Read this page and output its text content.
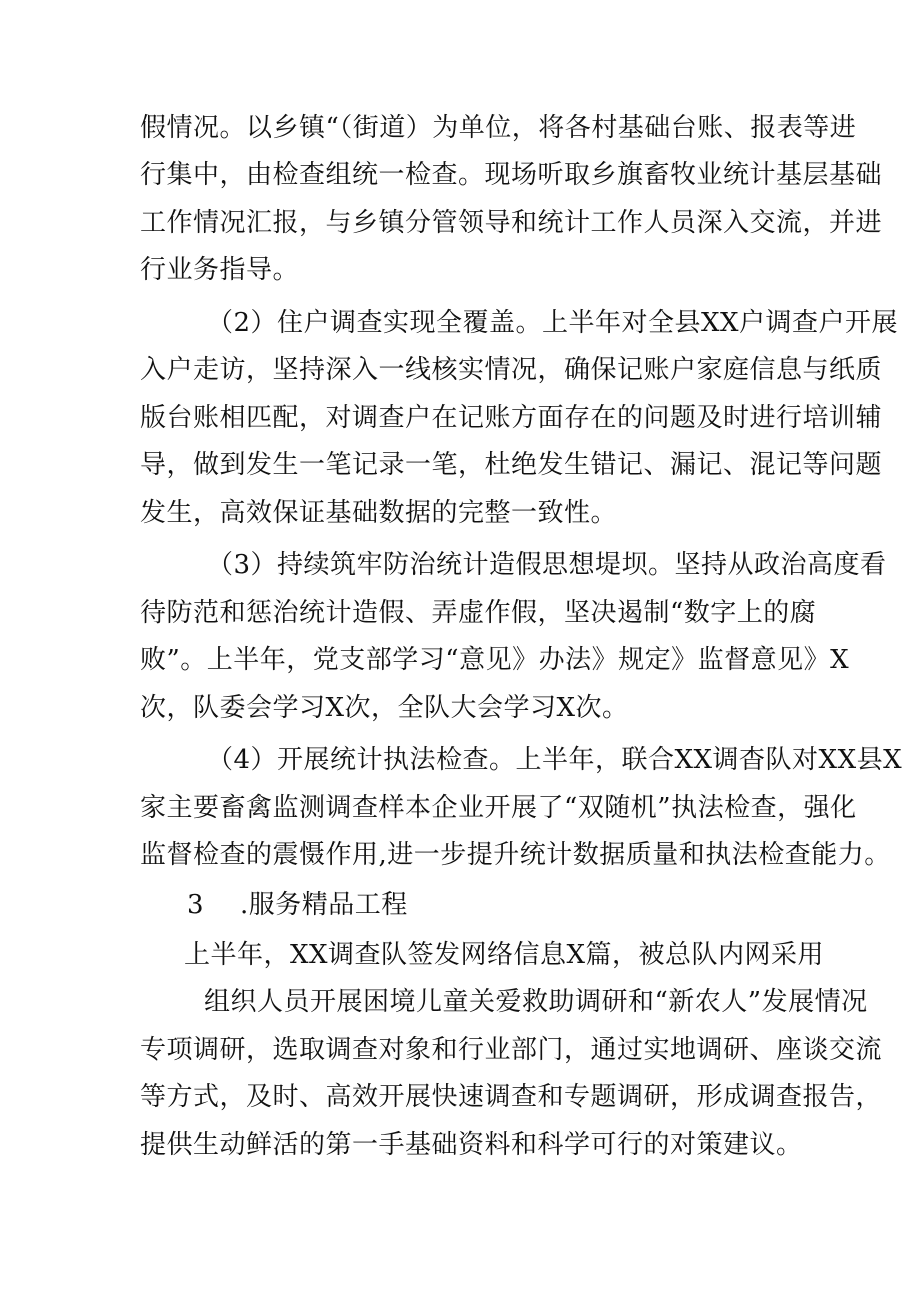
假情况。以乡镇“（街道）为单位，将各村基础台账、报表等进
行集中，由检查组统一检查。现场听取乡旗畜牧业统计基层基础
工作情况汇报，与乡镇分管领导和统计工作人员深入交流，并进
行业务指导。
（2）住户调查实现全覆盖。上半年对全县XX户调查户开展
入户走访，坚持深入一线核实情况，确保记账户家庭信息与纸质
版台账相匹配，对调查户在记账方面存在的问题及时进行培训辅
导，做到发生一笔记录一笔，杜绝发生错记、漏记、混记等问题
发生，高效保证基础数据的完整一致性。
（3）持续筑牢防治统计造假思想堤坝。坚持从政治高度看
待防范和惩治统计造假、弄虚作假，坚决遏制“数字上的腐
败”。上半年，党支部学习“意见》办法》规定》监督意见》X
次，队委会学习X次，全队大会学习X次。
（4）开展统计执法检查。上半年，联合XX调杳队对XX县X
家主要畜禽监测调查样本企业开展了“双随机”执法检查，强化
监督检查的震慑作用,进一步提升统计数据质量和执法检查能力。
3 .服务精品工程
上半年，XX调查队签发网络信息X篇，被总队内网采用
组织人员开展困境儿童关爱救助调研和“新农人”发展情况
专项调研，选取调查对象和行业部门，通过实地调研、座谈交流
等方式，及时、高效开展快速调查和专题调研，形成调查报告，
提供生动鲜活的第一手基础资料和科学可行的对策建议。
